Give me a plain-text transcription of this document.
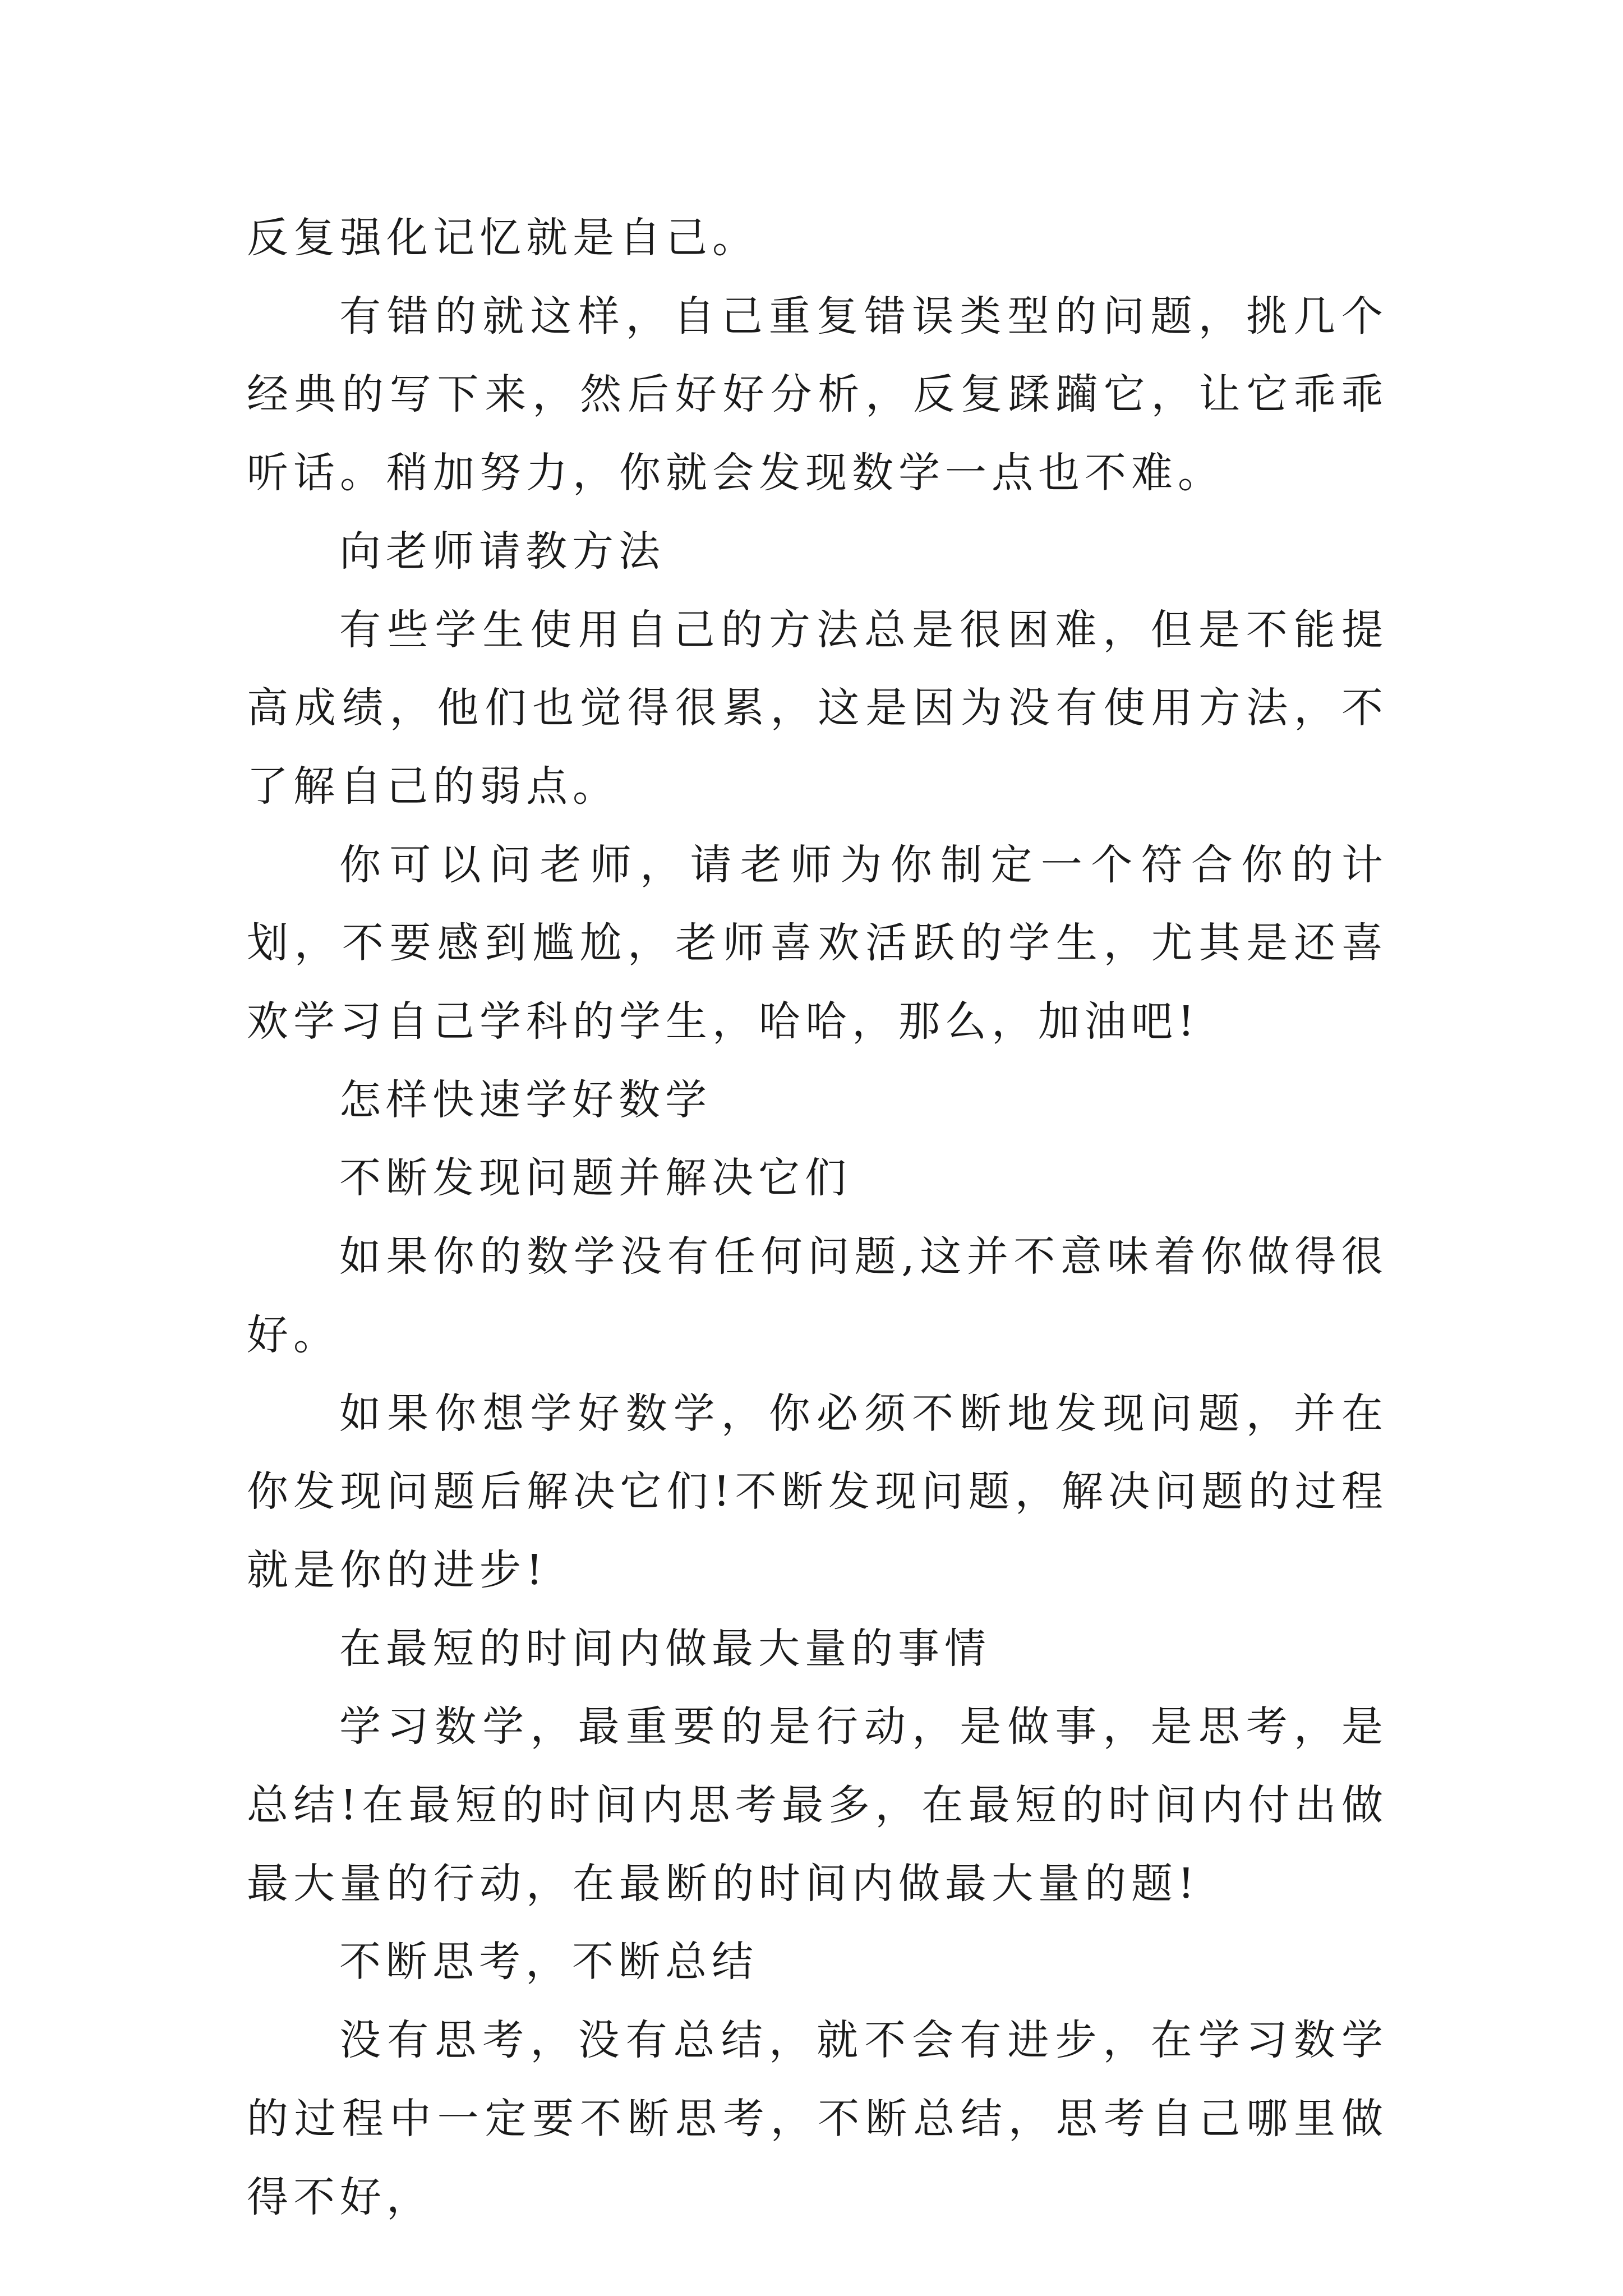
反复强化记忆就是自己。

有错的就这样，自己重复错误类型的问题，挑几个经典的写下来，然后好好分析，反复蹂躏它，让它乖乖听话。稍加努力，你就会发现数学一点也不难。

向老师请教方法

有些学生使用自己的方法总是很困难，但是不能提高成绩，他们也觉得很累，这是因为没有使用方法，不了解自己的弱点。

你可以问老师，请老师为你制定一个符合你的计划，不要感到尴尬，老师喜欢活跃的学生，尤其是还喜欢学习自己学科的学生，哈哈，那么，加油吧!

怎样快速学好数学

不断发现问题并解决它们

如果你的数学没有任何问题,这并不意味着你做得很好。

如果你想学好数学，你必须不断地发现问题，并在你发现问题后解决它们!不断发现问题，解决问题的过程就是你的进步!

在最短的时间内做最大量的事情

学习数学，最重要的是行动，是做事，是思考，是总结!在最短的时间内思考最多，在最短的时间内付出做最大量的行动，在最断的时间内做最大量的题!

不断思考，不断总结

没有思考，没有总结，就不会有进步，在学习数学的过程中一定要不断思考，不断总结，思考自己哪里做得不好，
